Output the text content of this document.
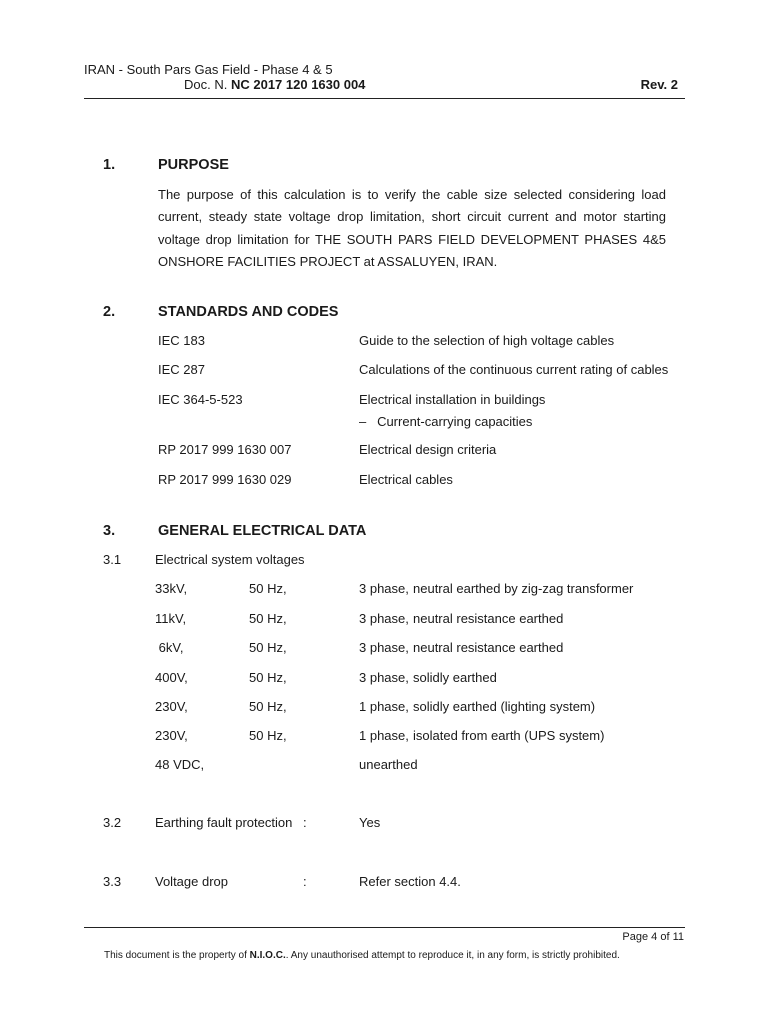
IRAN - South Pars Gas Field - Phase 4 & 5
Doc. N. NC 2017 120 1630 004	Rev. 2
1.	PURPOSE
The purpose of this calculation is to verify the cable size selected considering load current, steady state voltage drop limitation, short circuit current and motor starting voltage drop limitation for THE SOUTH PARS FIELD DEVELOPMENT PHASES 4&5 ONSHORE FACILITIES PROJECT at ASSALUYEN, IRAN.
2.	STANDARDS AND CODES
IEC 183	Guide to the selection of high voltage cables
IEC 287	Calculations of the continuous current rating of cables
IEC 364-5-523	Electrical installation in buildings
–   Current-carrying capacities
RP 2017 999 1630 007	Electrical design criteria
RP 2017 999 1630 029	Electrical cables
3.	GENERAL ELECTRICAL DATA
3.1	Electrical system voltages
33kV,	50 Hz,	3 phase, neutral earthed by zig-zag transformer
11kV,	50 Hz,	3 phase, neutral resistance earthed
6kV,	50 Hz,	3 phase, neutral resistance earthed
400V,	50 Hz,	3 phase, solidly earthed
230V,	50 Hz,	1 phase, solidly earthed (lighting system)
230V,	50 Hz,	1 phase, isolated from earth (UPS system)
48 VDC,	unearthed
3.2	Earthing fault protection :	Yes
3.3	Voltage drop	:	Refer section 4.4.
Page 4 of 11
This document is the property of N.I.O.C.. Any unauthorised attempt to reproduce it, in any form, is strictly prohibited.
